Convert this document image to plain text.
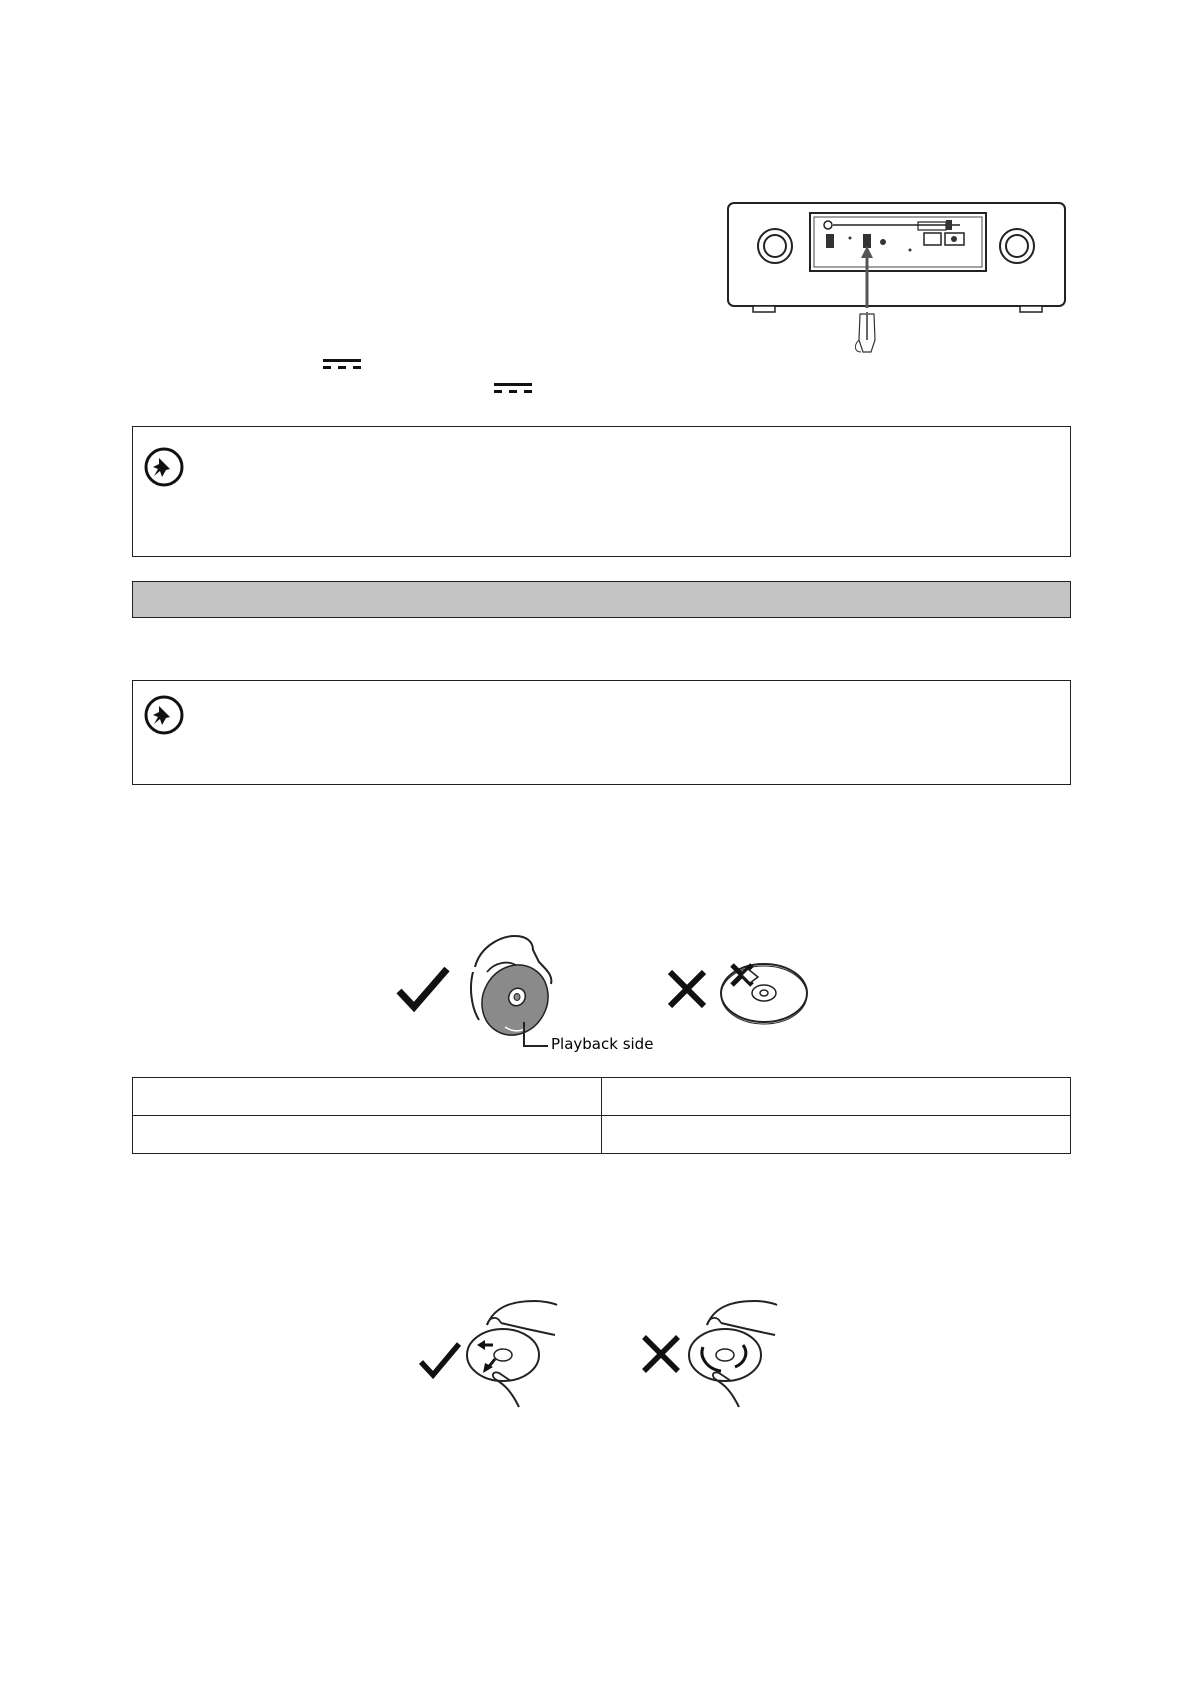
Playback side
